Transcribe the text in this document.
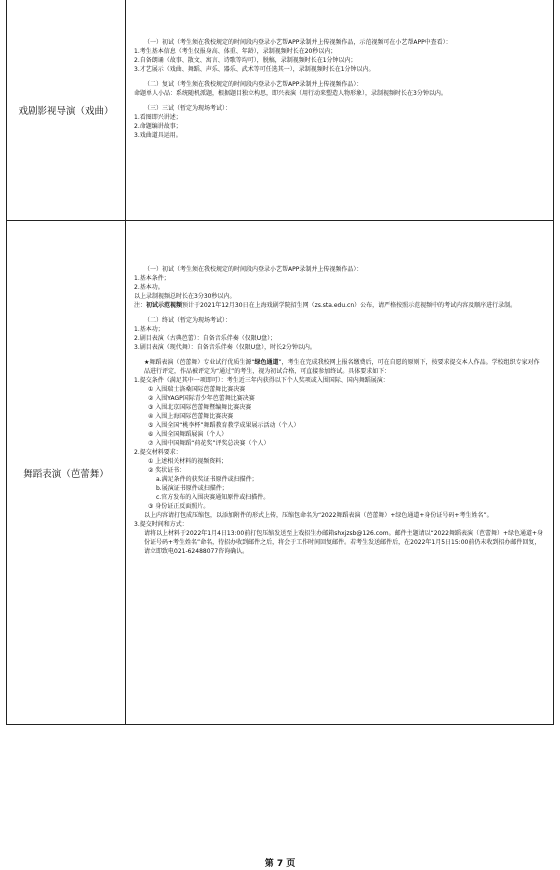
戏剧影视导演（戏曲）
（一）初试（考生须在我校规定的时间段内登录小艺帮APP录制并上传视频作品，示范视频可在小艺帮APP中查看）：
1.考生基本信息（考生仅报身高、体重、年龄），录制视频时长在20秒以内；
2.自备朗诵（故事、散文、寓言、诗歌等均可），脱稿，录制视频时长在1分钟以内；
3.才艺展示（戏曲、舞蹈、声乐、器乐、武术等可任选其一），录制视频时长在1分钟以内。
（二）复试（考生须在我校规定的时间段内登录小艺帮APP录制并上传视频作品）：
命题单人小品：系统随机派题，根据题目独立构思，即兴表演（用行动来塑造人物形象），录制视频时长在3分钟以内。
（三）三试（暂定为现场考试）：
1.看图即兴讲述；
2.命题编讲故事；
3.戏曲道具运用。
舞蹈表演（芭蕾舞）
（一）初试（考生须在我校规定的时间段内登录小艺帮APP录制并上传视频作品）：
1.基本条件；
2.基本功。
以上录制视频总时长在3分30秒以内。
注：初试示范视频预计于2021年12月30日在上海戏剧学院招生网（zs.sta.edu.cn）公布，请严格按照示范视频中的考试内容及顺序进行录制。
（二）终试（暂定为现场考试）：
1.基本功；
2.剧目表演（古典芭蕾）：自备音乐伴奏（仅限U盘）；
3.剧目表演（现代舞）：自备音乐伴奏（仅限U盘），时长2分钟以内。
★舞蹈表演（芭蕾舞）专业试行优质生源“绿色通道”，考生在完成我校网上报名缴费后，可在自愿的原则下，按要求提交本人作品。学校组织专家对作品进行评定，作品被评定为“通过”的考生，视为初试合格，可直接参加终试。具体要求如下：
1.提交条件（满足其中一项即可）：考生近三年内获得以下个人奖项或入围国际、国内舞蹈展演：
① 入围瑞士洛桑国际芭蕾舞比赛决赛
② 入围YAGP国际青少年芭蕾舞比赛决赛
③ 入围北京国际芭蕾舞暨编舞比赛决赛
④ 入围上海国际芭蕾舞比赛决赛
⑤ 入围全国“桃李杯”舞蹈教育教学成果展示活动（个人）
⑥ 入围全国舞蹈展演（个人）
⑦ 入围中国舞蹈“荷花奖”评奖总决赛（个人）
2.提交材料要求：
① 上述相关材料的视频资料；
② 奖状证书：
a.满足条件的获奖证书原件或扫描件；
b.展演证书原件或扫描件；
c.官方发布的入围决赛通知原件或扫描件。
③ 身份证正反面照片。
以上内容请打包成压缩包，以添加附件的形式上传，压缩包命名为“2022舞蹈表演（芭蕾舞）+绿色通道+身份证号码+考生姓名”。
3.提交时间和方式：
请将以上材料于2022年1月4日13:00前打包压缩发送至上戏招生办邮箱shxjzsb@126.com。邮件主题请以“2022舞蹈表演（芭蕾舞）+绿色通道+身份证号码+考生姓名”命名，待招办收到邮件之后，将会于工作时间回复邮件。若考生发送邮件后，在2022年1月5日15:00前仍未收到招办邮件回复，请立即致电021-62488077咨询确认。
第 7 页
